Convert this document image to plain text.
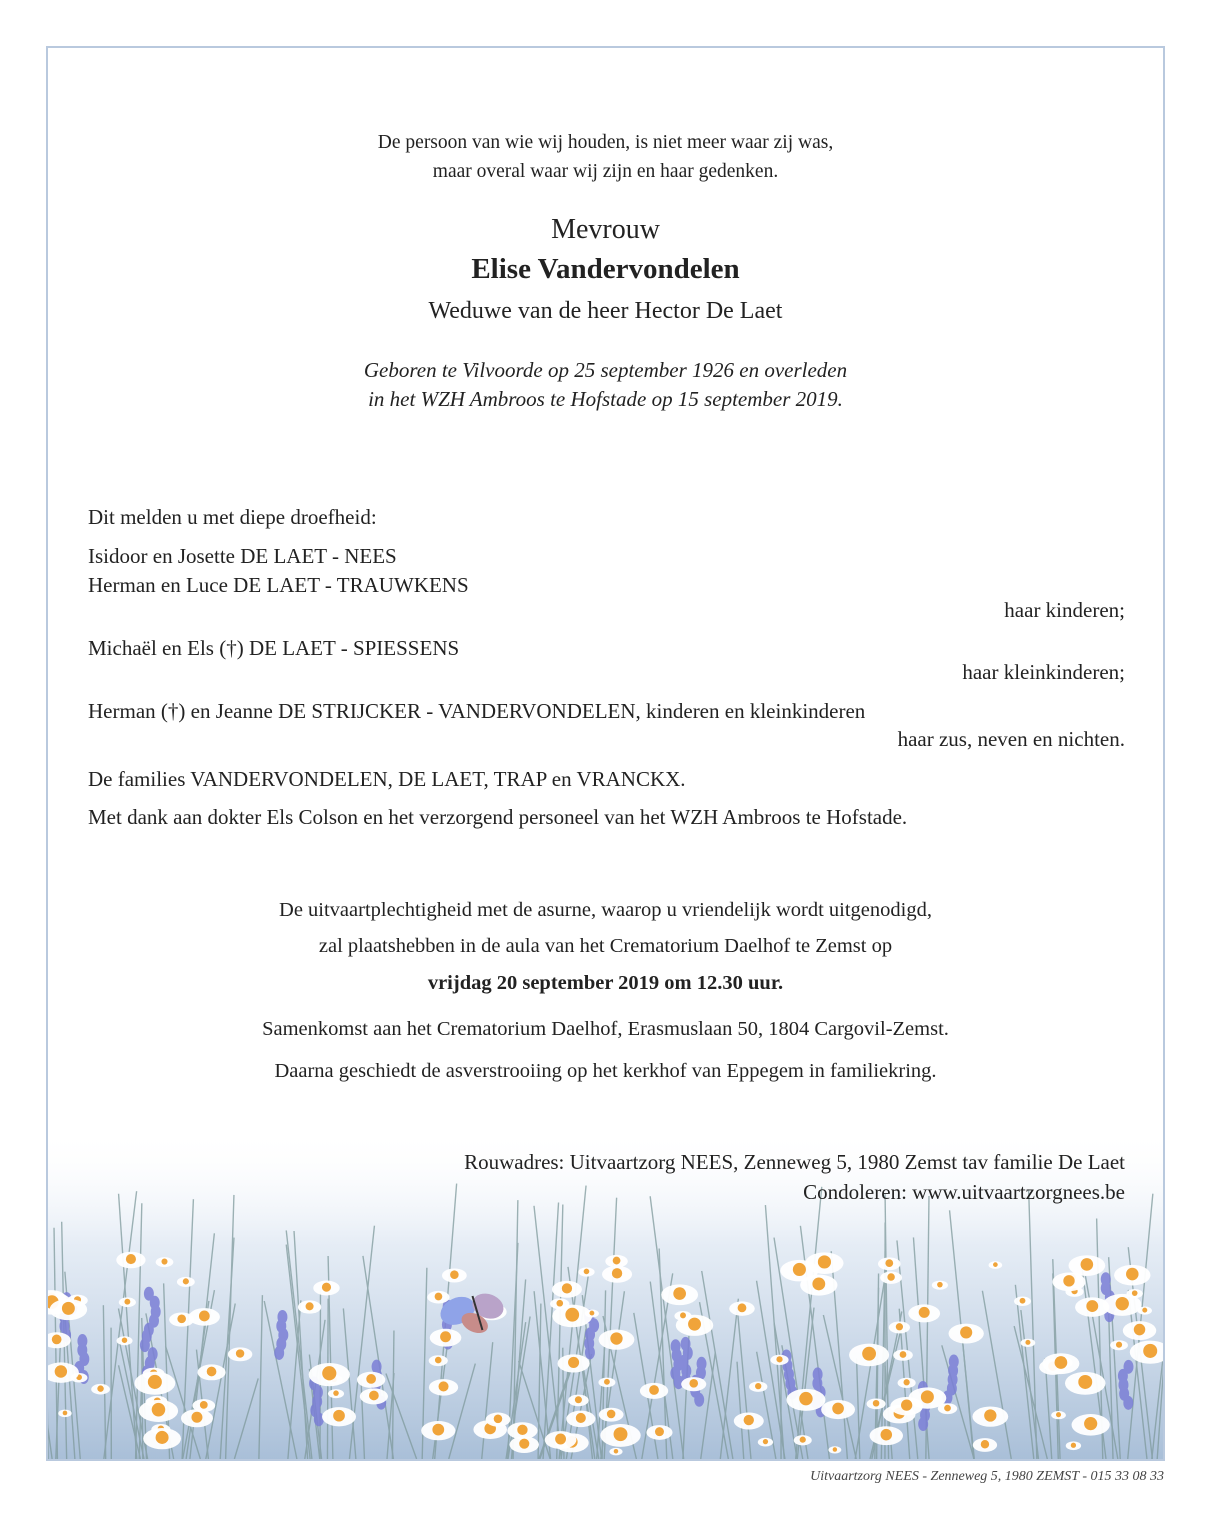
De persoon van wie wij houden, is niet meer waar zij was,
maar overal waar wij zijn en haar gedenken.
Mevrouw
Elise Vandervondelen
Weduwe van de heer Hector De Laet
Geboren te Vilvoorde op 25 september 1926 en overleden
in het WZH Ambroos te Hofstade op 15 september 2019.
Dit melden u met diepe droefheid:
Isidoor en Josette DE LAET - NEES
Herman en Luce DE LAET - TRAUWKENS
haar kinderen;
Michaël en Els (†) DE LAET - SPIESSENS
haar kleinkinderen;
Herman (†) en Jeanne DE STRIJCKER - VANDERVONDELEN, kinderen en kleinkinderen
haar zus, neven en nichten.
De families VANDERVONDELEN, DE LAET, TRAP en VRANCKX.
Met dank aan dokter Els Colson en het verzorgend personeel van het WZH Ambroos te Hofstade.
De uitvaartplechtigheid met de asurne, waarop u vriendelijk wordt uitgenodigd,
zal plaatshebben in de aula van het Crematorium Daelhof te Zemst op
vrijdag 20 september 2019 om 12.30 uur.
Samenkomst aan het Crematorium Daelhof, Erasmuslaan 50, 1804 Cargovil-Zemst.
Daarna geschiedt de asverstrooiing op het kerkhof van Eppegem in familiekring.
Rouwadres: Uitvaartzorg NEES, Zenneweg 5, 1980 Zemst tav familie De Laet
Condoleren: www.uitvaartzorgnees.be
Uitvaartzorg NEES - Zenneweg 5, 1980 ZEMST - 015 33 08 33
